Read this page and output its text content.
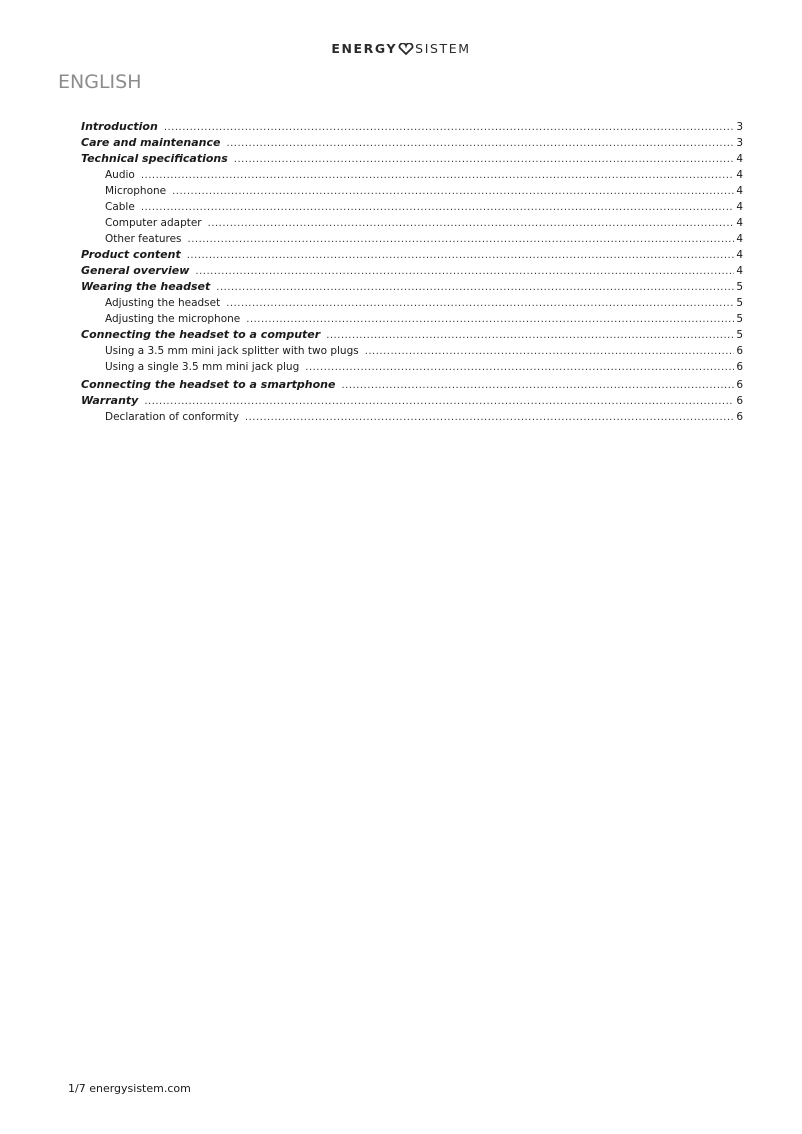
ENERGY SISTEM
ENGLISH
Introduction .....	3
Care and maintenance .....	3
Technical specifications .....	4
Audio .....	4
Microphone .....	4
Cable .....	4
Computer adapter .....	4
Other features .....	4
Product content .....	4
General overview .....	4
Wearing the headset .....	5
Adjusting the headset .....	5
Adjusting the microphone .....	5
Connecting the headset to a computer .....	5
Using a 3.5 mm mini jack splitter with two plugs .....	6
Using a single 3.5 mm mini jack plug .....	6
Connecting the headset to a smartphone .....	6
Warranty .....	6
Declaration of conformity .....	6
1/7 energysistem.com
